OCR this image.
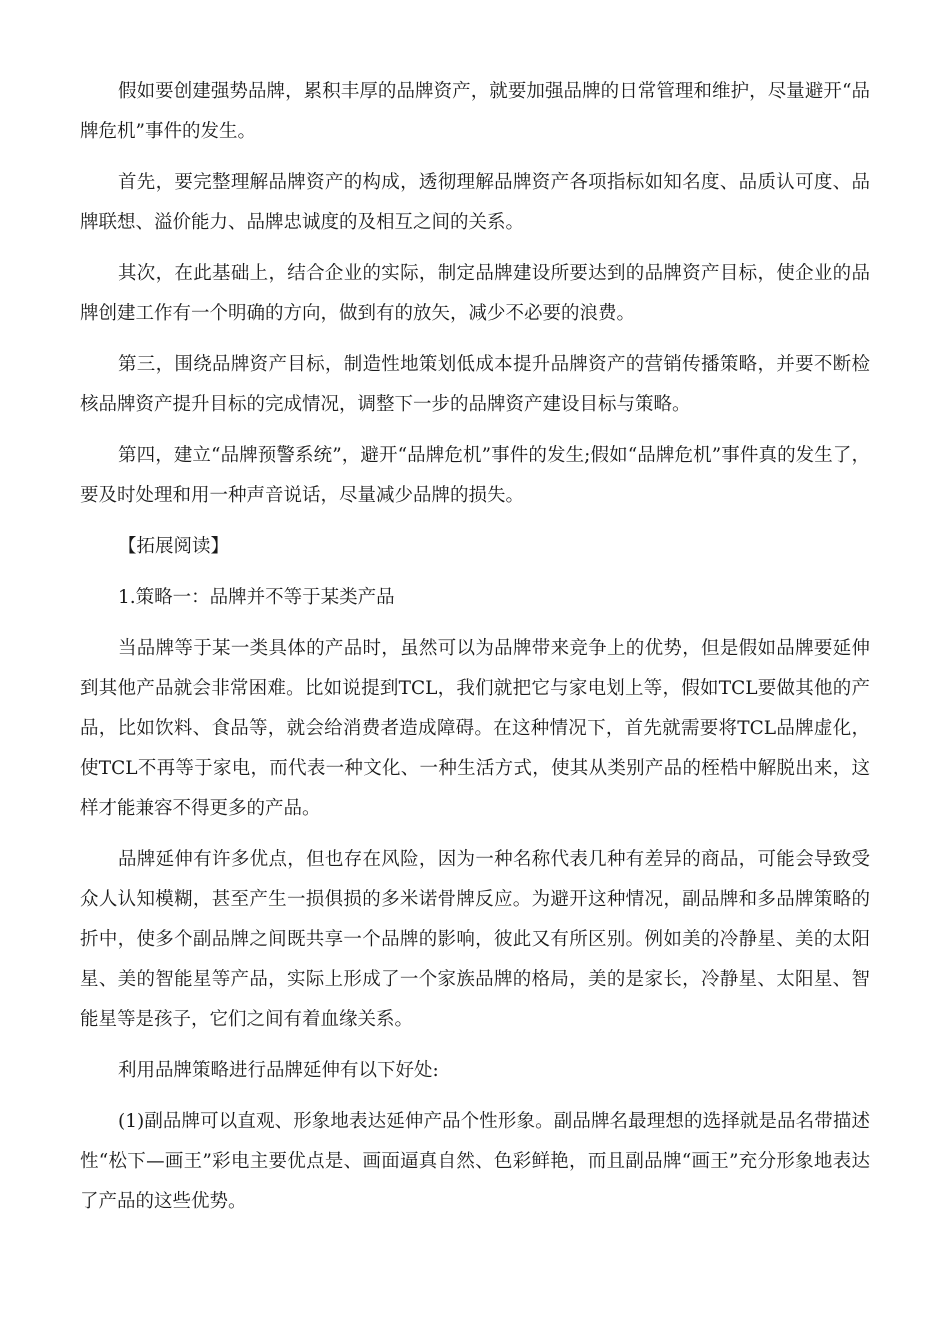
假如要创建强势品牌，累积丰厚的品牌资产，就要加强品牌的日常管理和维护，尽量避开“品牌危机”事件的发生。

首先，要完整理解品牌资产的构成，透彻理解品牌资产各项指标如知名度、品质认可度、品牌联想、溢价能力、品牌忠诚度的及相互之间的关系。

其次，在此基础上，结合企业的实际，制定品牌建设所要达到的品牌资产目标，使企业的品牌创建工作有一个明确的方向，做到有的放矢，减少不必要的浪费。

第三，围绕品牌资产目标，制造性地策划低成本提升品牌资产的营销传播策略，并要不断检核品牌资产提升目标的完成情况，调整下一步的品牌资产建设目标与策略。

第四，建立“品牌预警系统”，避开“品牌危机”事件的发生;假如“品牌危机”事件真的发生了，要及时处理和用一种声音说话，尽量减少品牌的损失。

【拓展阅读】

1.策略一：品牌并不等于某类产品

当品牌等于某一类具体的产品时，虽然可以为品牌带来竞争上的优势，但是假如品牌要延伸到其他产品就会非常困难。比如说提到TCL，我们就把它与家电划上等，假如TCL要做其他的产品，比如饮料、食品等，就会给消费者造成障碍。在这种情况下，首先就需要将TCL品牌虚化，使TCL不再等于家电，而代表一种文化、一种生活方式，使其从类别产品的桎梏中解脱出来，这样才能兼容不得更多的产品。

品牌延伸有许多优点，但也存在风险，因为一种名称代表几种有差异的商品，可能会导致受众人认知模糊，甚至产生一损俱损的多米诺骨牌反应。为避开这种情况，副品牌和多品牌策略的折中，使多个副品牌之间既共享一个品牌的影响，彼此又有所区别。例如美的冷静星、美的太阳星、美的智能星等产品，实际上形成了一个家族品牌的格局，美的是家长，冷静星、太阳星、智能星等是孩子，它们之间有着血缘关系。

利用品牌策略进行品牌延伸有以下好处:

(1)副品牌可以直观、形象地表达延伸产品个性形象。副品牌名最理想的选择就是品名带描述性“松下—画王”彩电主要优点是、画面逼真自然、色彩鲜艳，而且副品牌“画王”充分形象地表达了产品的这些优势。
